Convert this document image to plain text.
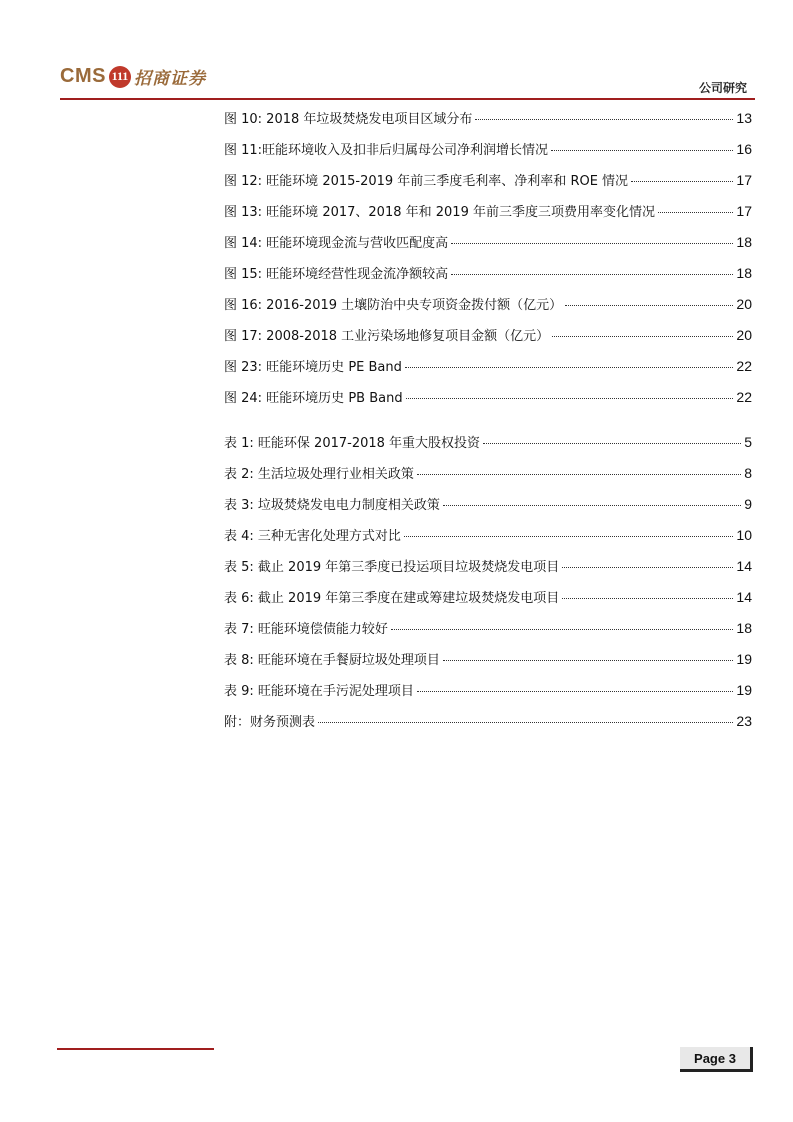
CMS 111 招商证券	公司研究
图 10: 2018 年垃圾焚烧发电项目区域分布	13
图 11:旺能环境收入及扣非后归属母公司净利润增长情况	16
图 12: 旺能环境 2015-2019 年前三季度毛利率、净利率和 ROE 情况	17
图 13: 旺能环境 2017、2018 年和 2019 年前三季度三项费用率变化情况	17
图 14: 旺能环境现金流与营收匹配度高	18
图 15: 旺能环境经营性现金流净额较高	18
图 16: 2016-2019 土壤防治中央专项资金拨付额（亿元）	20
图 17: 2008-2018 工业污染场地修复项目金额（亿元）	20
图 23: 旺能环境历史 PE Band	22
图 24: 旺能环境历史 PB Band	22
表 1: 旺能环保 2017-2018 年重大股权投资	5
表 2: 生活垃圾处理行业相关政策	8
表 3: 垃圾焚烧发电电力制度相关政策	9
表 4: 三种无害化处理方式对比	10
表 5: 截止 2019 年第三季度已投运项目垃圾焚烧发电项目	14
表 6: 截止 2019 年第三季度在建或筹建垃圾焚烧发电项目	14
表 7: 旺能环境偿债能力较好	18
表 8: 旺能环境在手餐厨垃圾处理项目	19
表 9: 旺能环境在手污泥处理项目	19
附：财务预测表	23
Page 3
